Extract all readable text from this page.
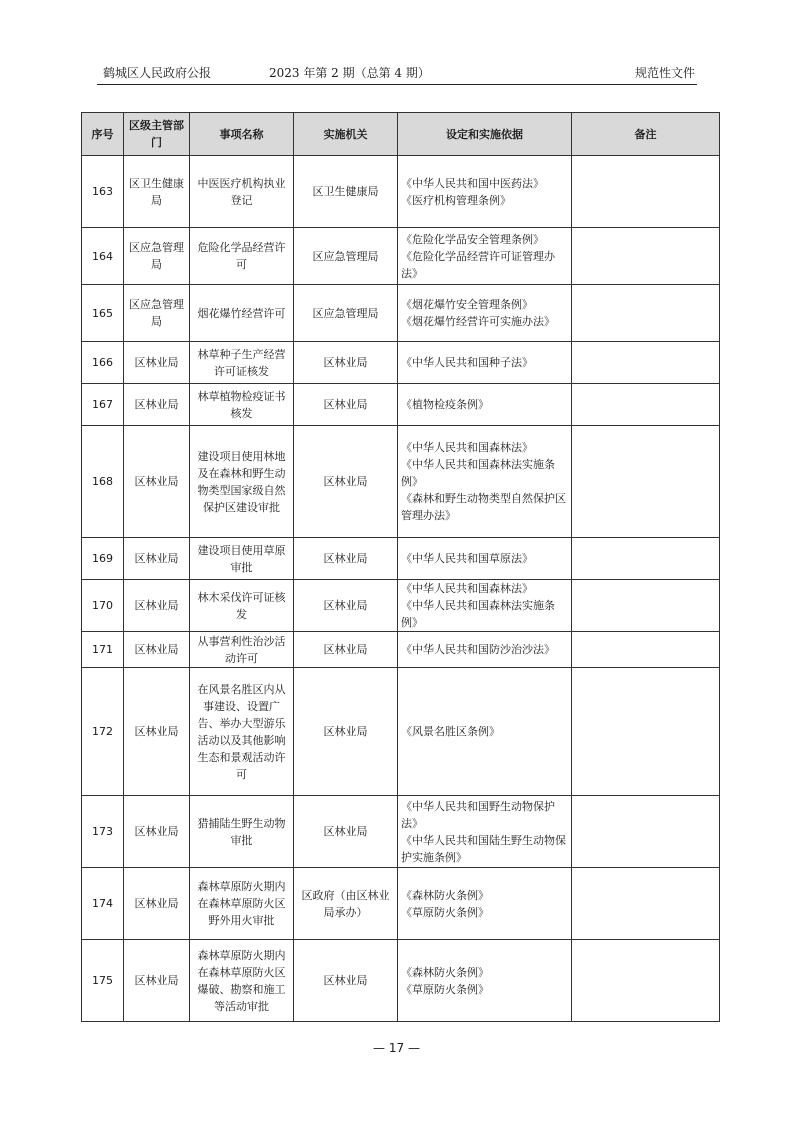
鹤城区人民政府公报	2023 年第 2 期（总第 4 期）	规范性文件
序号	区级主管部门	事项名称	实施机关	设定和实施依据	备注
163	区卫生健康局	中医医疗机构执业登记	区卫生健康局	《中华人民共和国中医药法》
《医疗机构管理条例》	

164	区应急管理局	危险化学品经营许可	区应急管理局	《危险化学品安全管理条例》
《危险化学品经营许可证管理办法》	

165	区应急管理局	烟花爆竹经营许可	区应急管理局	《烟花爆竹安全管理条例》
《烟花爆竹经营许可实施办法》	

166	区林业局	林草种子生产经营许可证核发	区林业局	《中华人民共和国种子法》	

167	区林业局	林草植物检疫证书核发	区林业局	《植物检疫条例》	

168	区林业局	建设项目使用林地及在森林和野生动物类型国家级自然保护区建设审批	区林业局	《中华人民共和国森林法》
《中华人民共和国森林法实施条例》
《森林和野生动物类型自然保护区管理办法》	

169	区林业局	建设项目使用草原审批	区林业局	《中华人民共和国草原法》	

170	区林业局	林木采伐许可证核发	区林业局	《中华人民共和国森林法》
《中华人民共和国森林法实施条例》	

171	区林业局	从事营利性治沙活动许可	区林业局	《中华人民共和国防沙治沙法》	

172	区林业局	在风景名胜区内从事建设、设置广告、举办大型游乐活动以及其他影响生态和景观活动许可	区林业局	《风景名胜区条例》	

173	区林业局	猎捕陆生野生动物审批	区林业局	《中华人民共和国野生动物保护法》
《中华人民共和国陆生野生动物保护实施条例》	

174	区林业局	森林草原防火期内在森林草原防火区野外用火审批	区政府（由区林业局承办）	《森林防火条例》
《草原防火条例》	

175	区林业局	森林草原防火期内在森林草原防火区爆破、勘察和施工等活动审批	区林业局	《森林防火条例》
《草原防火条例》	

— 17 —
